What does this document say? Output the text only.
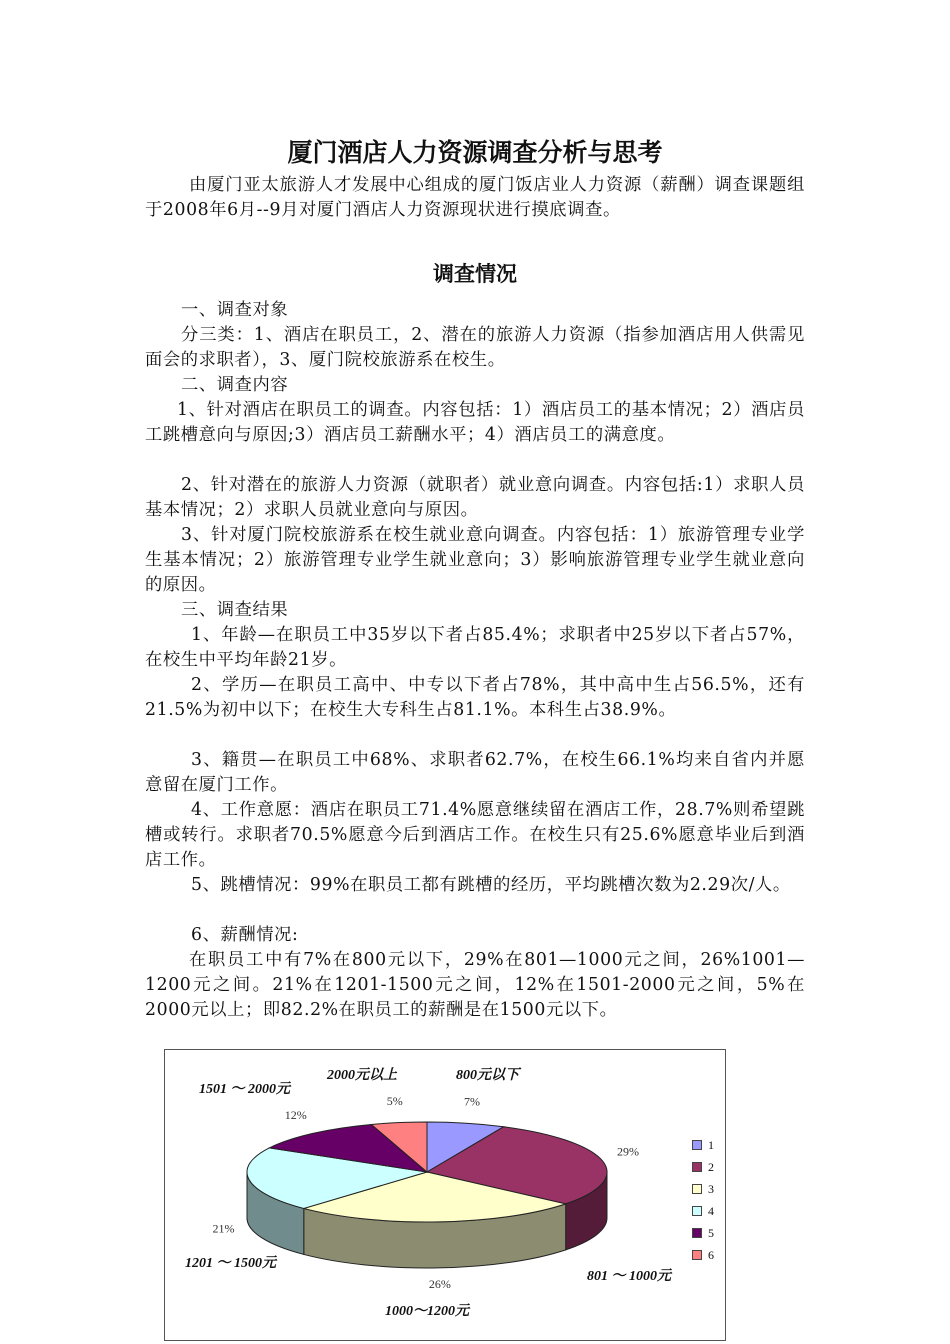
厦门酒店人力资源调查分析与思考

由厦门亚太旅游人才发展中心组成的厦门饭店业人力资源（薪酬）调查课题组于2008年6月--9月对厦门酒店人力资源现状进行摸底调查。

调查情况

一、调查对象

分三类：1、酒店在职员工，2、潜在的旅游人力资源（指参加酒店用人供需见面会的求职者），3、厦门院校旅游系在校生。

二、调查内容

1、针对酒店在职员工的调查。内容包括：1）酒店员工的基本情况；2）酒店员工跳槽意向与原因;3）酒店员工薪酬水平；4）酒店员工的满意度。

2、针对潜在的旅游人力资源（就职者）就业意向调查。内容包括:1）求职人员基本情况；2）求职人员就业意向与原因。

3、针对厦门院校旅游系在校生就业意向调查。内容包括：1）旅游管理专业学生基本情况；2）旅游管理专业学生就业意向；3）影响旅游管理专业学生就业意向的原因。

三、调查结果

1、年龄—在职员工中35岁以下者占85.4%；求职者中25岁以下者占57%，在校生中平均年龄21岁。

2、学历—在职员工高中、中专以下者占78%，其中高中生占56.5%，还有21.5%为初中以下；在校生大专科生占81.1%。本科生占38.9%。

3、籍贯—在职员工中68%、求职者62.7%，在校生66.1%均来自省内并愿意留在厦门工作。

4、工作意愿：酒店在职员工71.4%愿意继续留在酒店工作，28.7%则希望跳槽或转行。求职者70.5%愿意今后到酒店工作。在校生只有25.6%愿意毕业后到酒店工作。

5、跳槽情况：99%在职员工都有跳槽的经历，平均跳槽次数为2.29次/人。

6、薪酬情况:

在职员工中有7%在800元以下，29%在801—1000元之间，26%1001—1200元之间。21%在1201-1500元之间，12%在1501-2000元之间，5%在2000元以上；即82.2%在职员工的薪酬是在1500元以下。

7%
29%
26%
21%
12%
5%
1501 ～ 2000元
2000元以上	800元以下
1201 ～ 1500元
801 ～ 1000元
1000～1200元
1
2
3
4
5
6
